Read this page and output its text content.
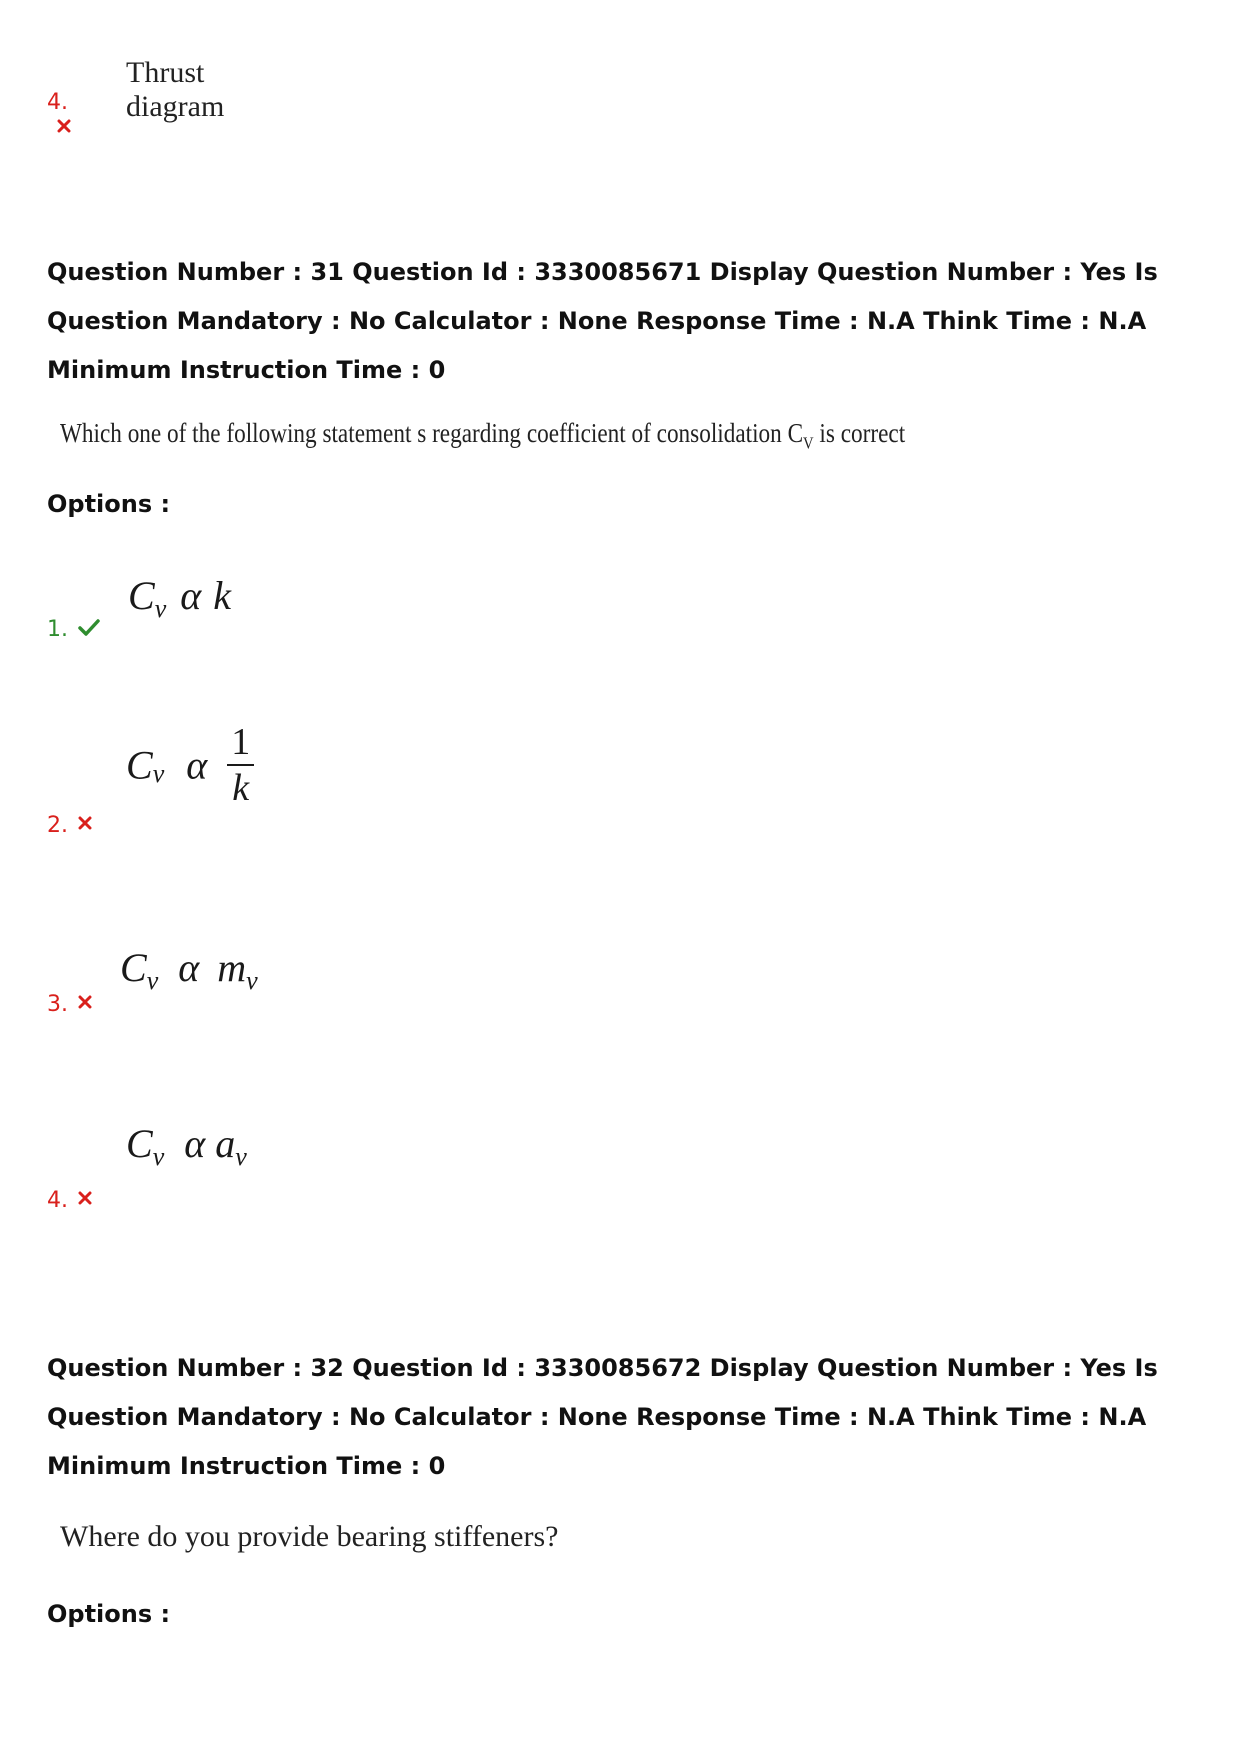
4.
Thrust diagram
Question Number : 31 Question Id : 3330085671 Display Question Number : Yes Is Question Mandatory : No Calculator : None Response Time : N.A Think Time : N.A Minimum Instruction Time : 0
Which one of the following statement s regarding coefficient of consolidation $C_V$ is correct
Options :
1.
$C_v$ α k
2.
$C_v$ α $\frac{1}{k}$
3.
$C_v$ α $m_v$
4.
$C_v$ α $a_v$
Question Number : 32 Question Id : 3330085672 Display Question Number : Yes Is Question Mandatory : No Calculator : None Response Time : N.A Think Time : N.A Minimum Instruction Time : 0
Where do you provide bearing stiffeners?
Options :
